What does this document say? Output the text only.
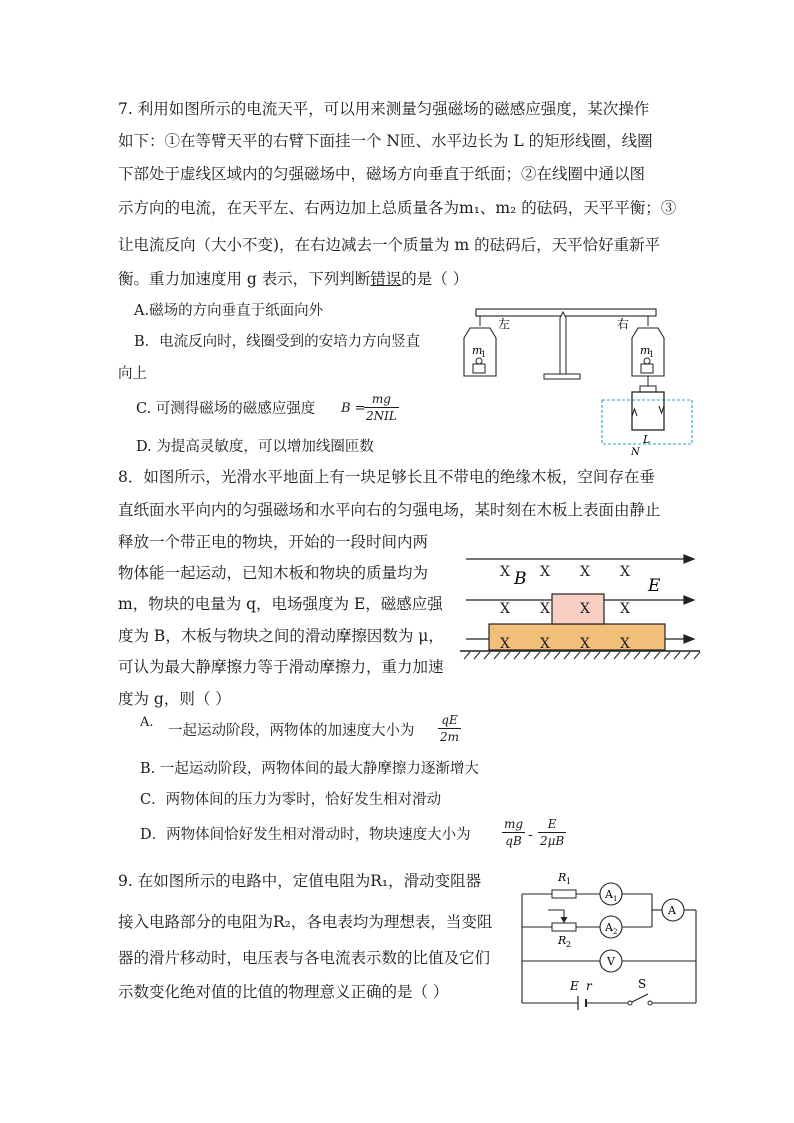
7. 利用如图所示的电流天平，可以用来测量匀强磁场的磁感应强度，某次操作
如下：①在等臂天平的右臂下面挂一个 N匝、水平边长为 L 的矩形线圈，线圈
下部处于虚线区域内的匀强磁场中，磁场方向垂直于纸面；②在线圈中通以图
示方向的电流，在天平左、右两边加上总质量各为m₁、m₂ 的砝码，天平平衡；③
让电流反向（大小不变)，在右边减去一个质量为 m 的砝码后，天平恰好重新平
衡。重力加速度用 g 表示，下列判断错误的是（ ）
A.磁场的方向垂直于纸面向外
B．电流反向时，线圈受到的安培力方向竖直
向上
C. 可测得磁场的磁感应强度 B =
mg
2NIL
D. 为提高灵敏度，可以增加线圈匝数
左	右
m
1	m
1
L
N
8．如图所示，光滑水平地面上有一块足够长且不带电的绝缘木板，空间存在垂
直纸面水平向内的匀强磁场和水平向右的匀强电场，某时刻在木板上表面由静止
释放一个带正电的物块，开始的一段时间内两
物体能一起运动，已知木板和物块的质量均为
m，物块的电量为 q，电场强度为 E，磁感应强
度为 B，木板与物块之间的滑动摩擦因数为 μ，
可认为最大静摩擦力等于滑动摩擦力，重力加速
度为 g，则（ ）
A.
一起运动阶段，两物体的加速度大小为
qE
2m
B. 一起运动阶段，两物体间的最大静摩擦力逐渐增大
C．两物体间的压力为零时，恰好发生相对滑动
D．两物体间恰好发生相对滑动时，物块速度大小为
mg
qB -
E
2μB
X X X X
X X X X
X X X X
B	E
9. 在如图所示的电路中，定值电阻为R₁，滑动变阻器
接入电路部分的电阻为R₂，各电表均为理想表，当变阻
器的滑片移动时，电压表与各电流表示数的比值及它们
示数变化绝对值的比值的物理意义正确的是（ ）
R 1
R 2
A 1
A 2
A
V
E r	S
